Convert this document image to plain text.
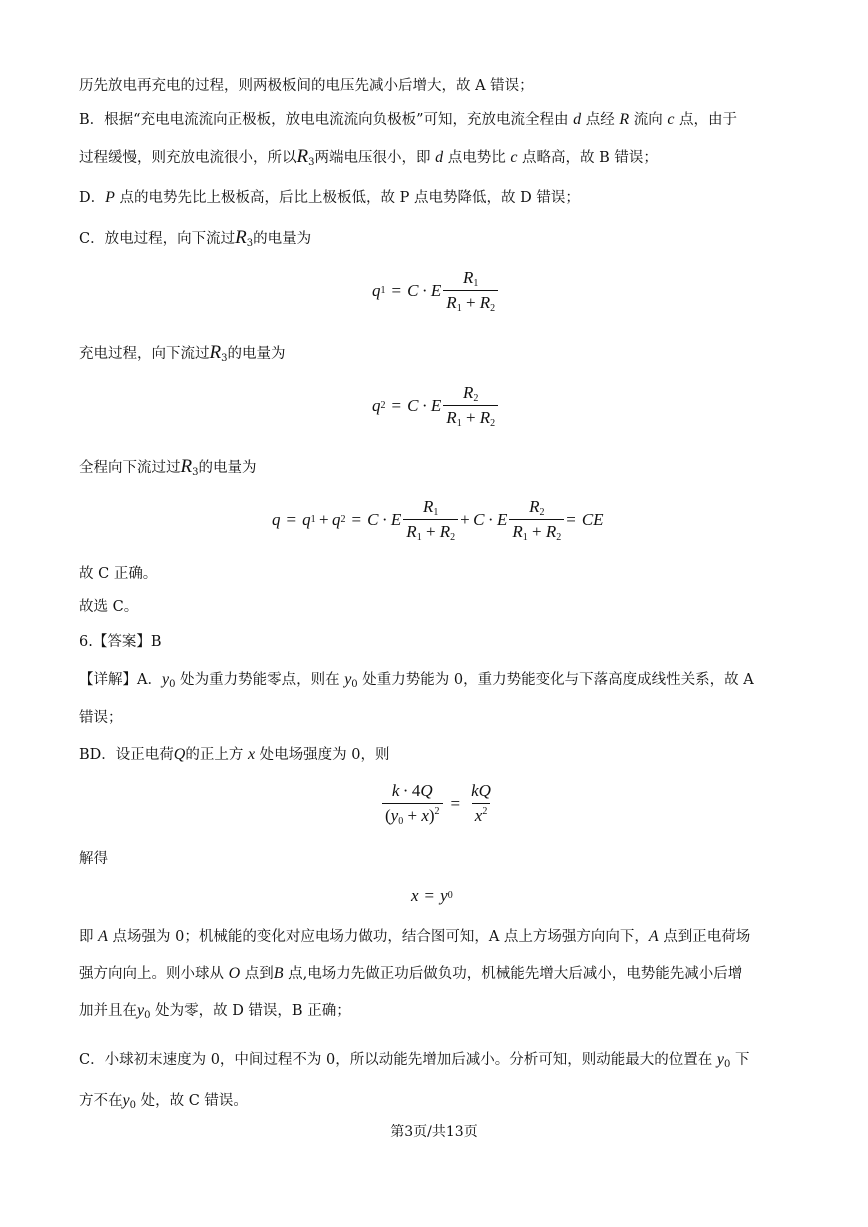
历先放电再充电的过程，则两极板间的电压先减小后增大，故 A 错误；
B．根据“充电电流流向正极板，放电电流流向负极板”可知，充放电流全程由 d 点经 R 流向 c 点，由于
过程缓慢，则充放电流很小，所以$R_3$两端电压很小，即 d 点电势比 c 点略高，故 B 错误；
D．P 点的电势先比上极板高，后比上极板低，故 P 点电势降低，故 D 错误；
C．放电过程，向下流过$R_3$的电量为
q 1 = C  ·  E $\frac{R_1}{R_1 + R_2}$
充电过程，向下流过$R_3$的电量为
q 2 = C  ·  E $\frac{R_2}{R_1 + R_2}$
全程向下流过过$R_3$的电量为
q = q 1  +  q 2 = C  ·  E $\frac{R_1}{R_1 + R_2} + C \cdot E \frac{R_2}{R_1 + R_2}$ = CE
故 C 正确。
故选 C。
6.【答案】B
【详解】A．$y_0$ 处为重力势能零点，则在 $y_0$ 处重力势能为 0，重力势能变化与下落高度成线性关系，故 A
错误；
BD．设正电荷Q的正上方 x 处电场强度为 0，则
$\frac{k \cdot 4Q}{(y_0 + x)^2} = \frac{kQ}{x^2}$
解得
x = y 0
即 A 点场强为 0；机械能的变化对应电场力做功，结合图可知，A 点上方场强方向向下，A 点到正电荷场
强方向向上。则小球从 O 点到B 点,电场力先做正功后做负功，机械能先增大后减小，电势能先减小后增
加并且在$y_0$ 处为零，故 D 错误，B 正确；
C．小球初末速度为 0，中间过程不为 0，所以动能先增加后减小。分析可知，则动能最大的位置在 $y_0$ 下
方不在$y_0$ 处，故 C 错误。
第3页/共13页
